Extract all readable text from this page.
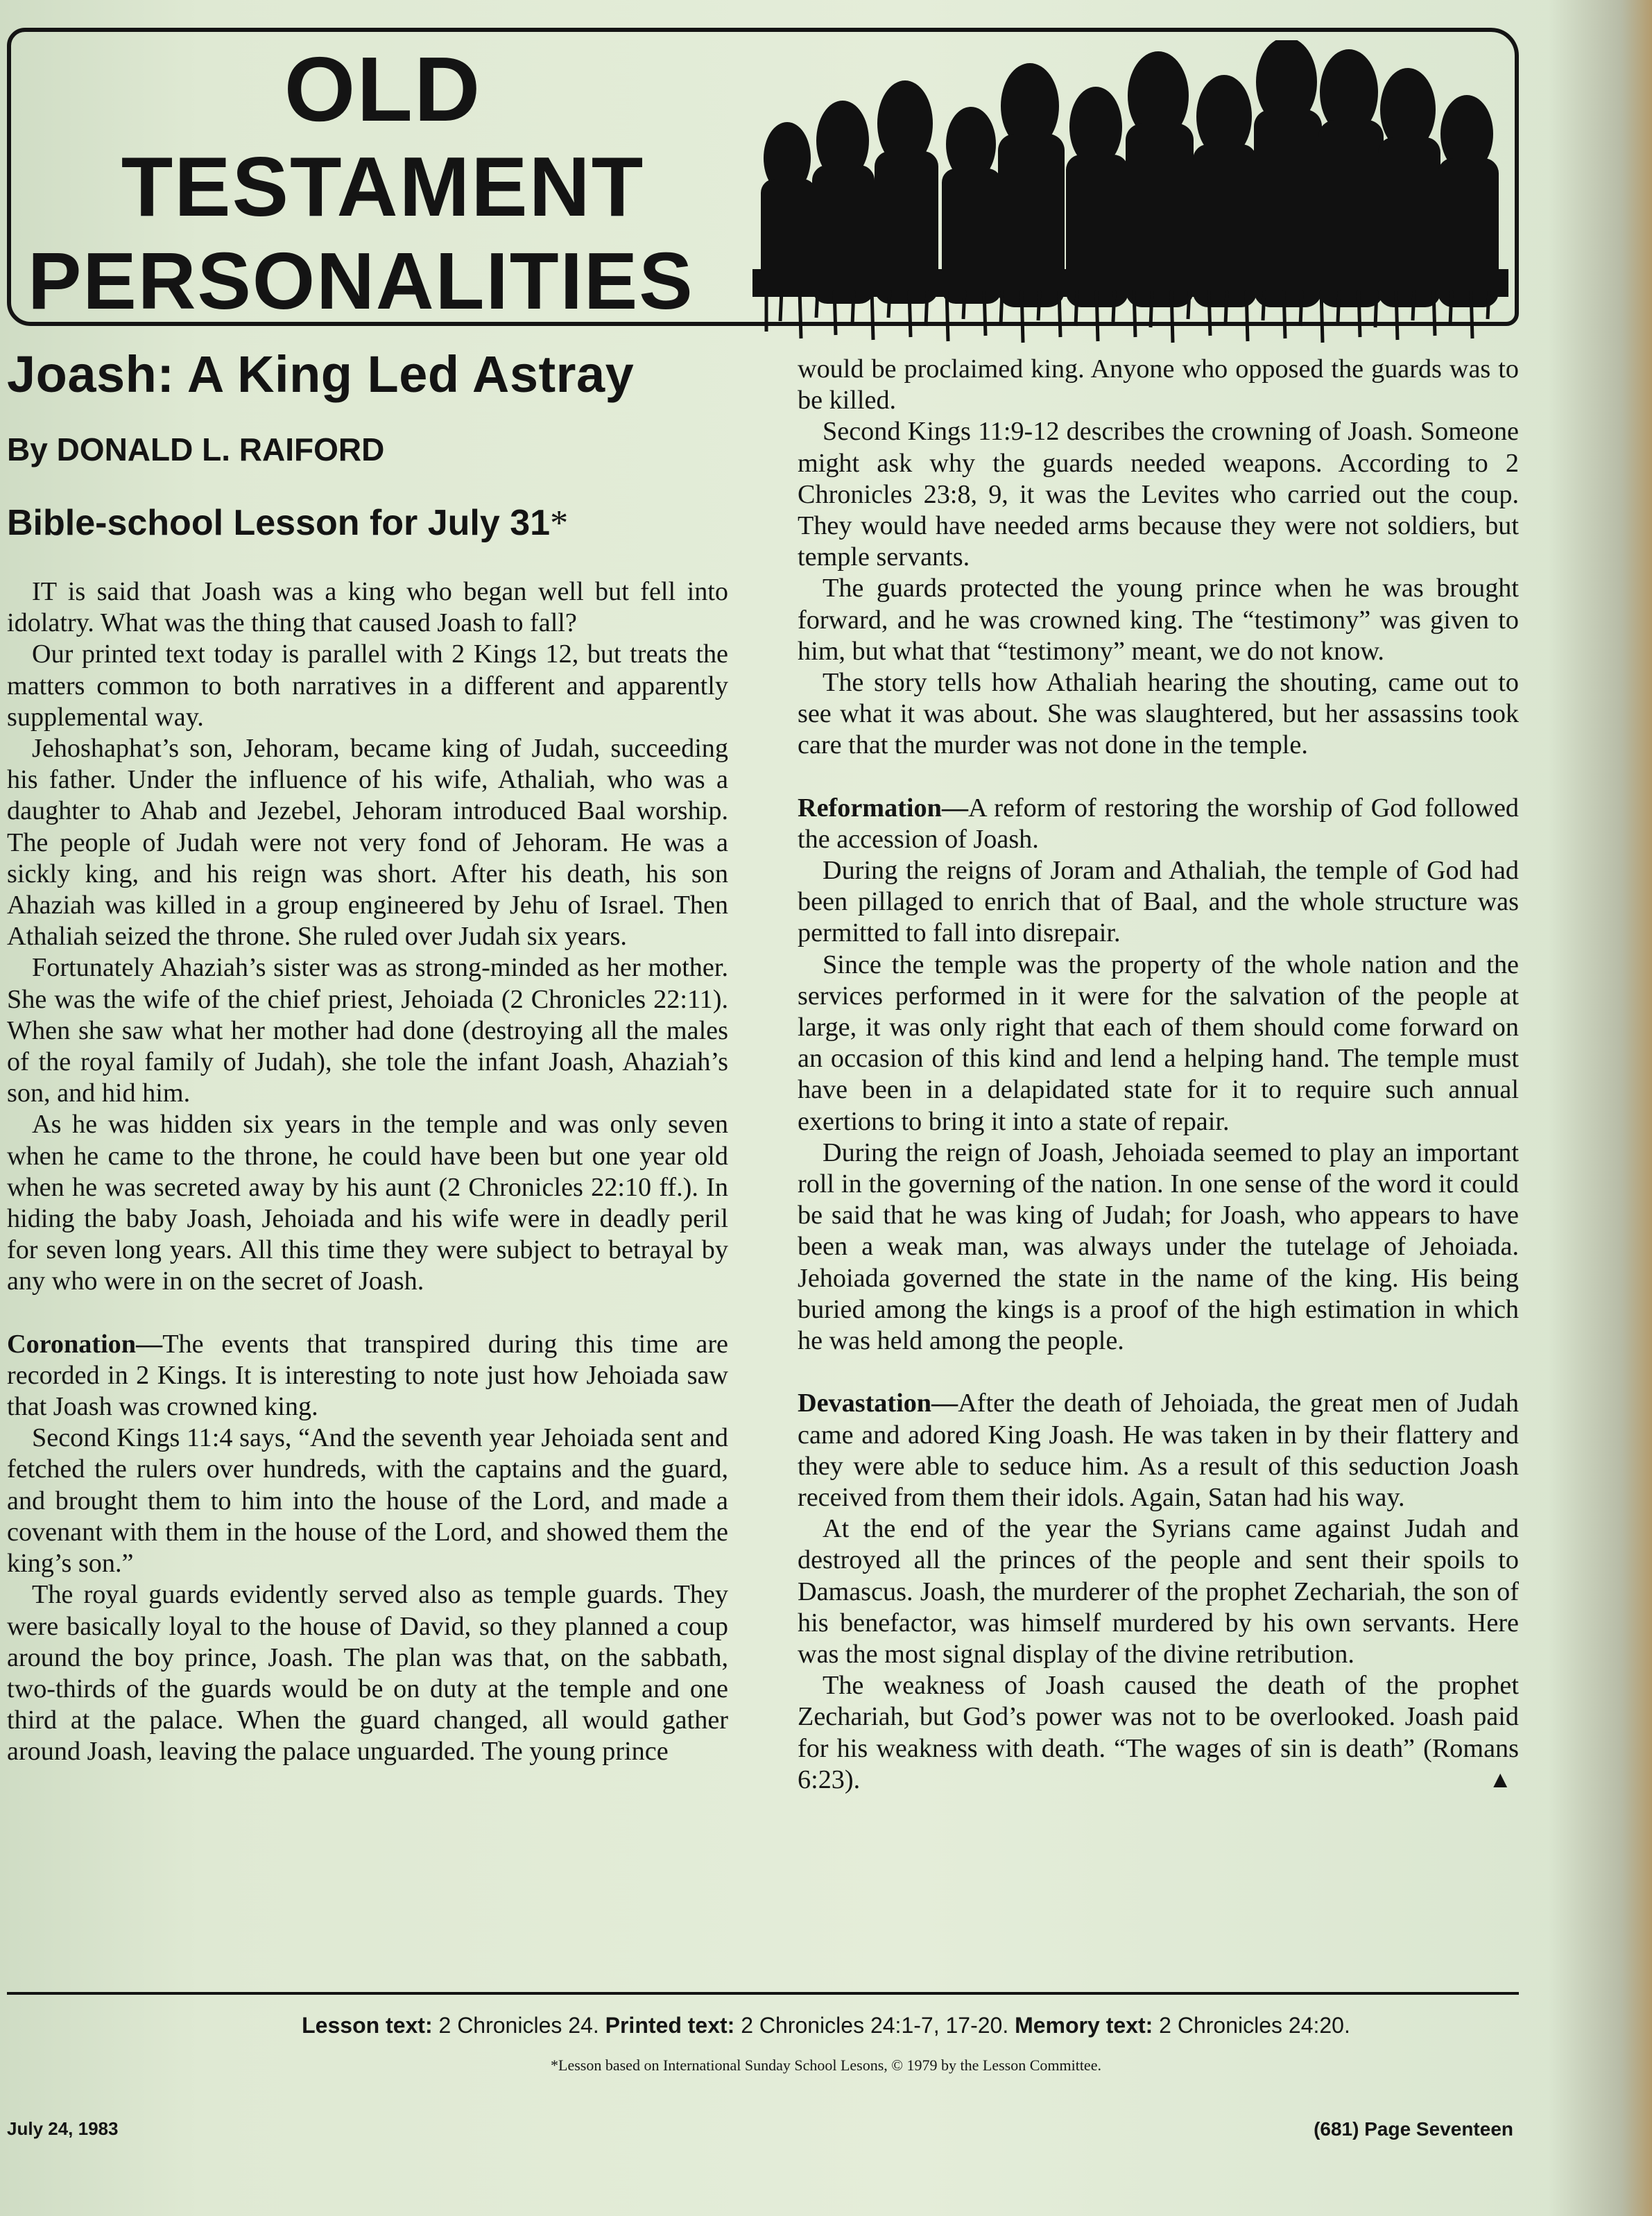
OLD
TESTAMENT
PERSONALITIES
Joash: A King Led Astray
By DONALD L. RAIFORD
Bible-school Lesson for July 31*

IT is said that Joash was a king who began well but fell into idolatry. What was the thing that caused Joash to fall?

Our printed text today is parallel with 2 Kings 12, but treats the matters common to both narratives in a different and apparently supplemental way.

Jehoshaphat’s son, Jehoram, became king of Judah, succeeding his father. Under the influence of his wife, Athaliah, who was a daughter to Ahab and Jezebel, Jehoram introduced Baal worship. The people of Judah were not very fond of Jehoram. He was a sickly king, and his reign was short. After his death, his son Ahaziah was killed in a group engineered by Jehu of Israel. Then Athaliah seized the throne. She ruled over Judah six years.

Fortunately Ahaziah’s sister was as strong-minded as her mother. She was the wife of the chief priest, Jehoiada (2 Chronicles 22:11). When she saw what her mother had done (destroying all the males of the royal family of Judah), she tole the infant Joash, Ahaziah’s son, and hid him.

As he was hidden six years in the temple and was only seven when he came to the throne, he could have been but one year old when he was secreted away by his aunt (2 Chronicles 22:10 ff.). In hiding the baby Joash, Jehoiada and his wife were in deadly peril for seven long years. All this time they were subject to betrayal by any who were in on the secret of Joash.

Coronation—The events that transpired during this time are recorded in 2 Kings. It is interesting to note just how Jehoiada saw that Joash was crowned king.

Second Kings 11:4 says, “And the seventh year Jehoiada sent and fetched the rulers over hundreds, with the captains and the guard, and brought them to him into the house of the Lord, and made a covenant with them in the house of the Lord, and showed them the king’s son.”

The royal guards evidently served also as temple guards. They were basically loyal to the house of David, so they planned a coup around the boy prince, Joash. The plan was that, on the sabbath, two-thirds of the guards would be on duty at the temple and one third at the palace. When the guard changed, all would gather around Joash, leaving the palace unguarded. The young prince

would be proclaimed king. Anyone who opposed the guards was to be killed.

Second Kings 11:9-12 describes the crowning of Joash. Someone might ask why the guards needed weapons. According to 2 Chronicles 23:8, 9, it was the Levites who carried out the coup. They would have needed arms because they were not soldiers, but temple servants.

The guards protected the young prince when he was brought forward, and he was crowned king. The “testimony” was given to him, but what that “testimony” meant, we do not know.

The story tells how Athaliah hearing the shouting, came out to see what it was about. She was slaughtered, but her assassins took care that the murder was not done in the temple.

Reformation—A reform of restoring the worship of God followed the accession of Joash.

During the reigns of Joram and Athaliah, the temple of God had been pillaged to enrich that of Baal, and the whole structure was permitted to fall into disrepair.

Since the temple was the property of the whole nation and the services performed in it were for the salvation of the people at large, it was only right that each of them should come forward on an occasion of this kind and lend a helping hand. The temple must have been in a delapidated state for it to require such annual exertions to bring it into a state of repair.

During the reign of Joash, Jehoiada seemed to play an important roll in the governing of the nation. In one sense of the word it could be said that he was king of Judah; for Joash, who appears to have been a weak man, was always under the tutelage of Jehoiada. Jehoiada governed the state in the name of the king. His being buried among the kings is a proof of the high estimation in which he was held among the people.

Devastation—After the death of Jehoiada, the great men of Judah came and adored King Joash. He was taken in by their flattery and they were able to seduce him. As a result of this seduction Joash received from them their idols. Again, Satan had his way.

At the end of the year the Syrians came against Judah and destroyed all the princes of the people and sent their spoils to Damascus. Joash, the murderer of the prophet Zechariah, the son of his benefactor, was himself murdered by his own servants. Here was the most signal display of the divine retribution.

The weakness of Joash caused the death of the prophet Zechariah, but God’s power was not to be overlooked. Joash paid for his weakness with death. “The wages of sin is death” (Romans 6:23).	▲

Lesson text: 2 Chronicles 24. Printed text: 2 Chronicles 24:1-7, 17-20. Memory text: 2 Chronicles 24:20.
*Lesson based on International Sunday School Lesons, © 1979 by the Lesson Committee.
July 24, 1983	(681) Page Seventeen
